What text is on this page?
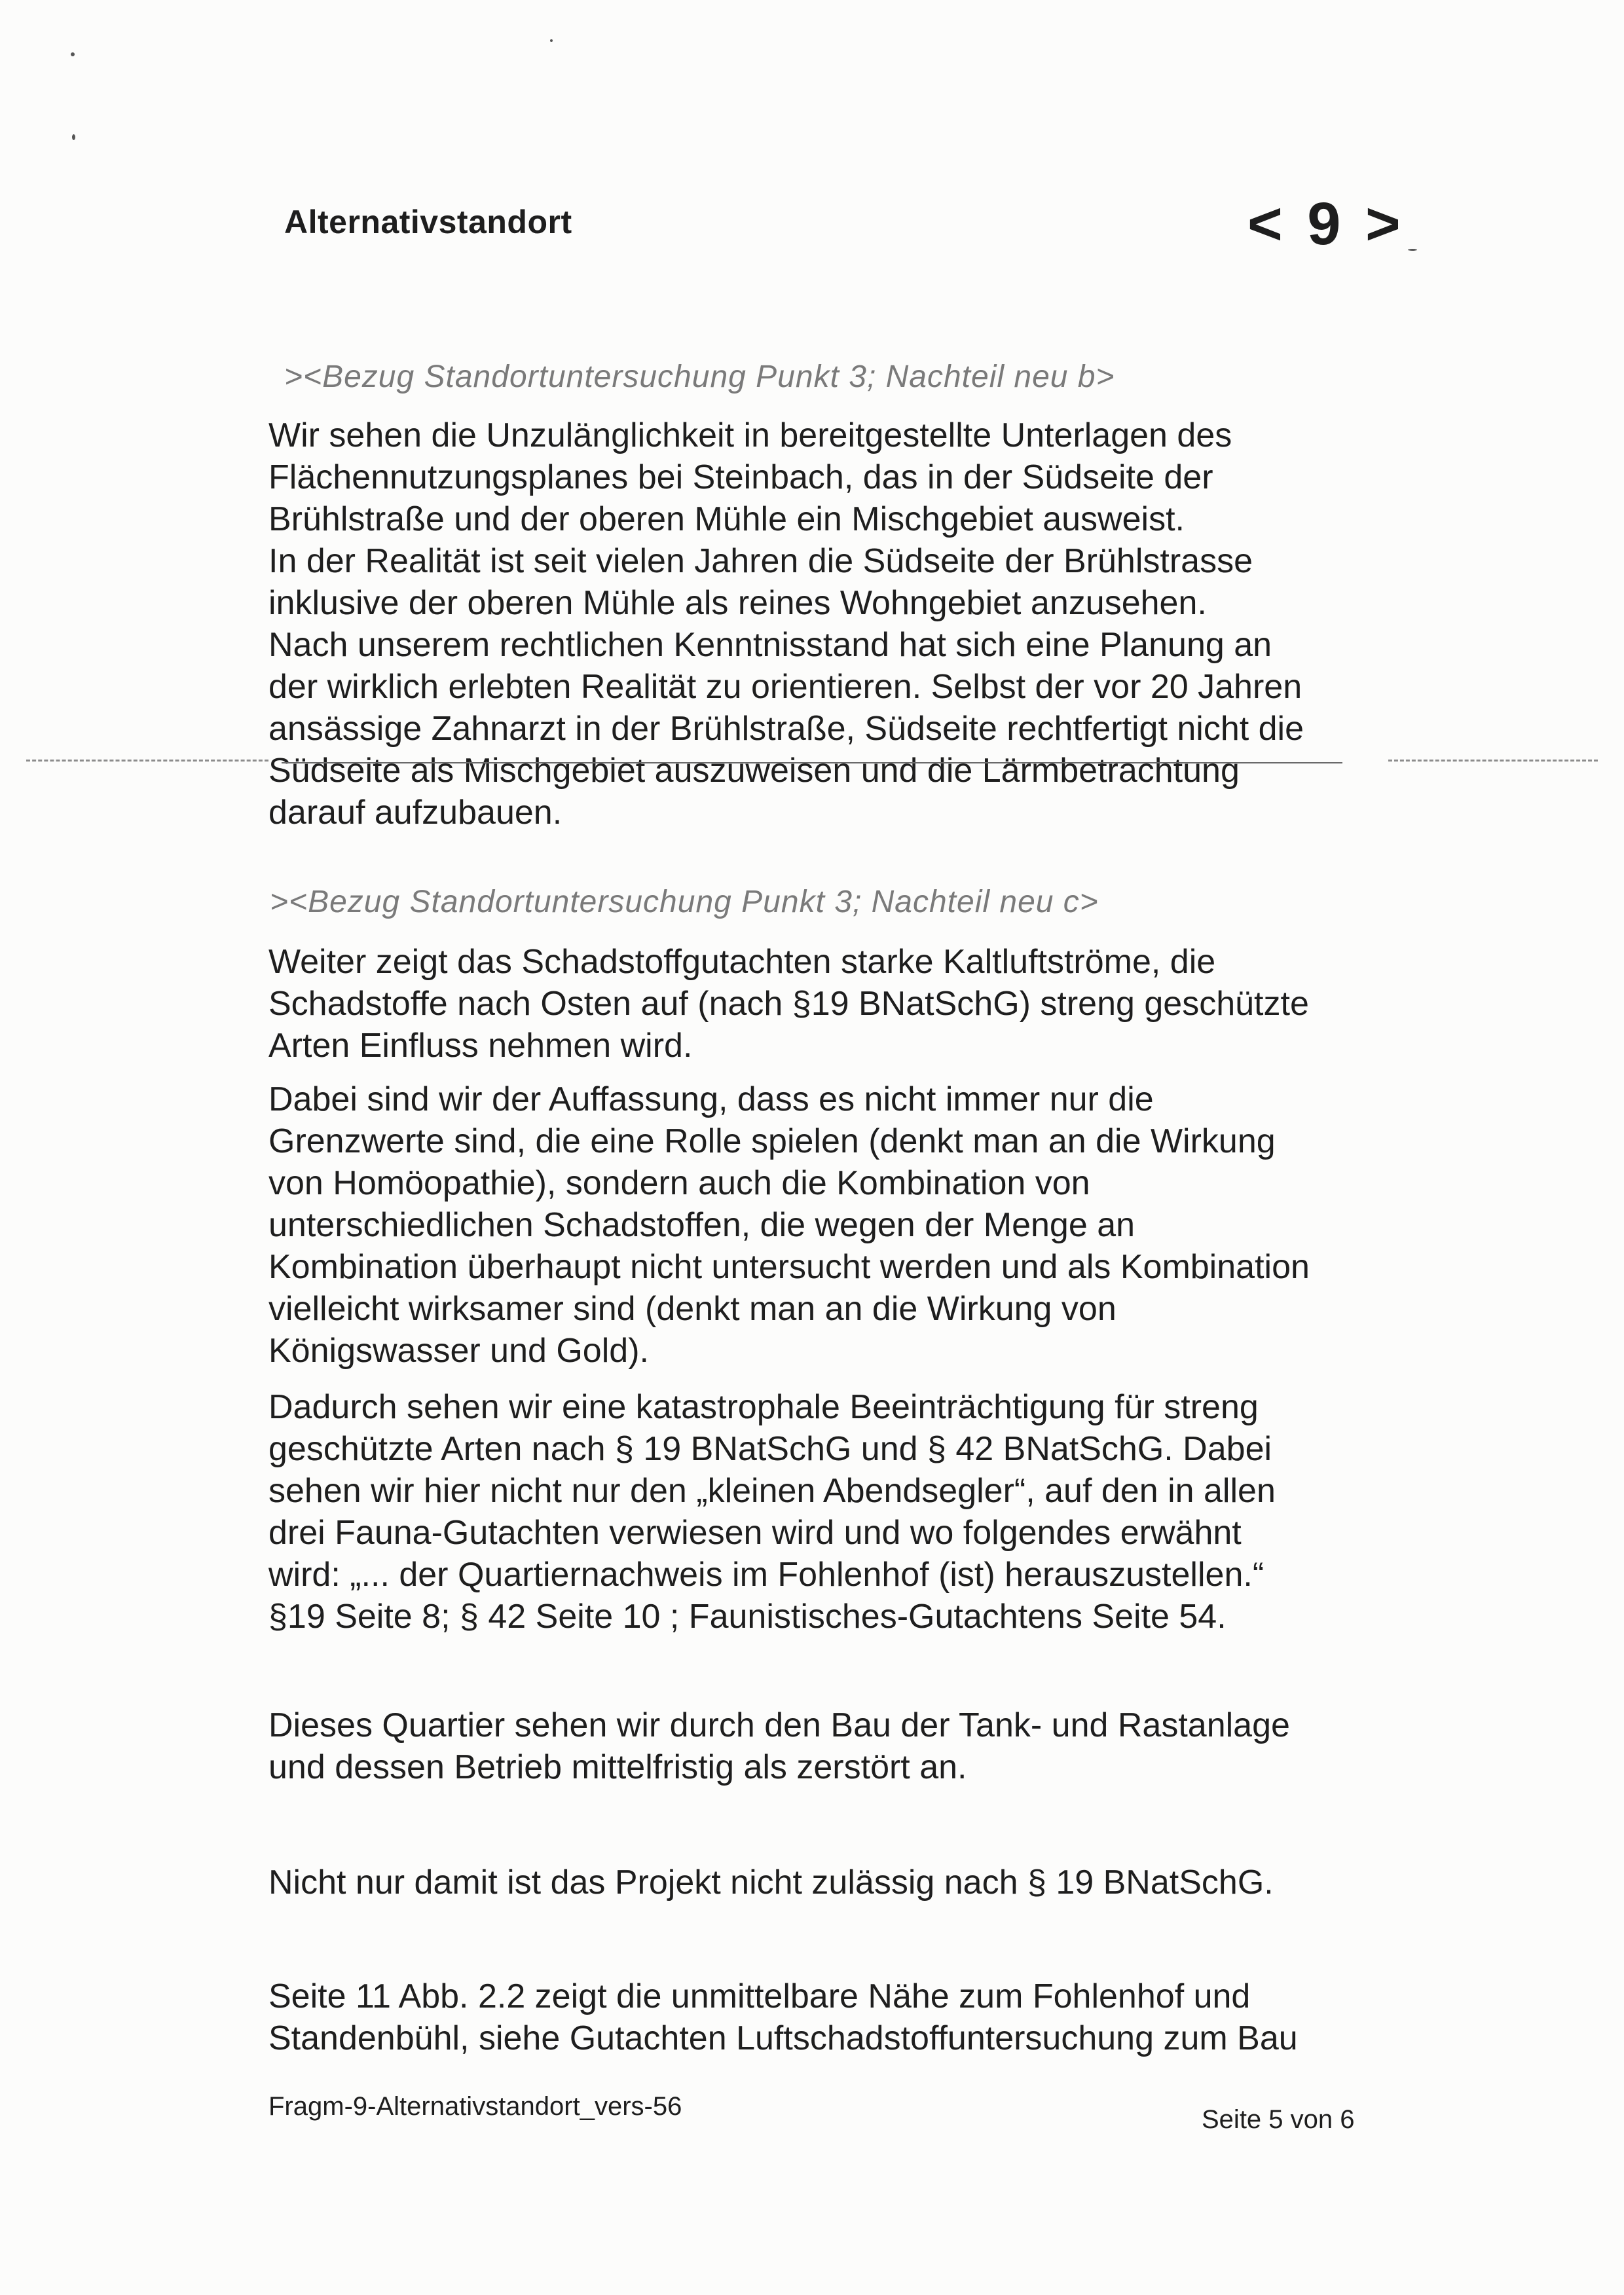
Alternativstandort	< 9 >
><Bezug Standortuntersuchung Punkt 3; Nachteil neu b>
Wir sehen die Unzulänglichkeit in bereitgestellte Unterlagen des
Flächennutzungsplanes bei Steinbach, das in der Südseite der
Brühlstraße und der oberen Mühle ein Mischgebiet ausweist.
In der Realität ist seit vielen Jahren die Südseite der Brühlstrasse
inklusive der oberen Mühle als reines Wohngebiet anzusehen.
Nach unserem rechtlichen Kenntnisstand hat sich eine Planung an
der wirklich erlebten Realität zu orientieren. Selbst der vor 20 Jahren
ansässige Zahnarzt in der Brühlstraße, Südseite rechtfertigt nicht die
Südseite als Mischgebiet auszuweisen und die Lärmbetrachtung
darauf aufzubauen.
><Bezug Standortuntersuchung Punkt 3; Nachteil neu c>
Weiter zeigt das Schadstoffgutachten starke Kaltluftströme, die
Schadstoffe nach Osten auf (nach §19 BNatSchG) streng geschützte
Arten Einfluss nehmen wird.
Dabei sind wir der Auffassung, dass es nicht immer nur die
Grenzwerte sind, die eine Rolle spielen (denkt man an die Wirkung
von Homöopathie), sondern auch die Kombination von
unterschiedlichen Schadstoffen, die wegen der Menge an
Kombination überhaupt nicht untersucht werden und als Kombination
vielleicht wirksamer sind (denkt man an die Wirkung von
Königswasser und Gold).
Dadurch sehen wir eine katastrophale Beeinträchtigung für streng
geschützte Arten nach § 19 BNatSchG und § 42 BNatSchG. Dabei
sehen wir hier nicht nur den „kleinen Abendsegler“, auf den in allen
drei Fauna-Gutachten verwiesen wird und wo folgendes erwähnt
wird: „... der Quartiernachweis im Fohlenhof (ist) herauszustellen.“
§19 Seite 8; § 42 Seite 10 ; Faunistisches-Gutachtens Seite 54.
Dieses Quartier sehen wir durch den Bau der Tank- und Rastanlage
und dessen Betrieb mittelfristig als zerstört an.
Nicht nur damit ist das Projekt nicht zulässig nach § 19 BNatSchG.
Seite 11 Abb. 2.2 zeigt die unmittelbare Nähe zum Fohlenhof und
Standenbühl, siehe Gutachten Luftschadstoffuntersuchung zum Bau
Fragm-9-Alternativstandort_vers-56	Seite 5 von 6
